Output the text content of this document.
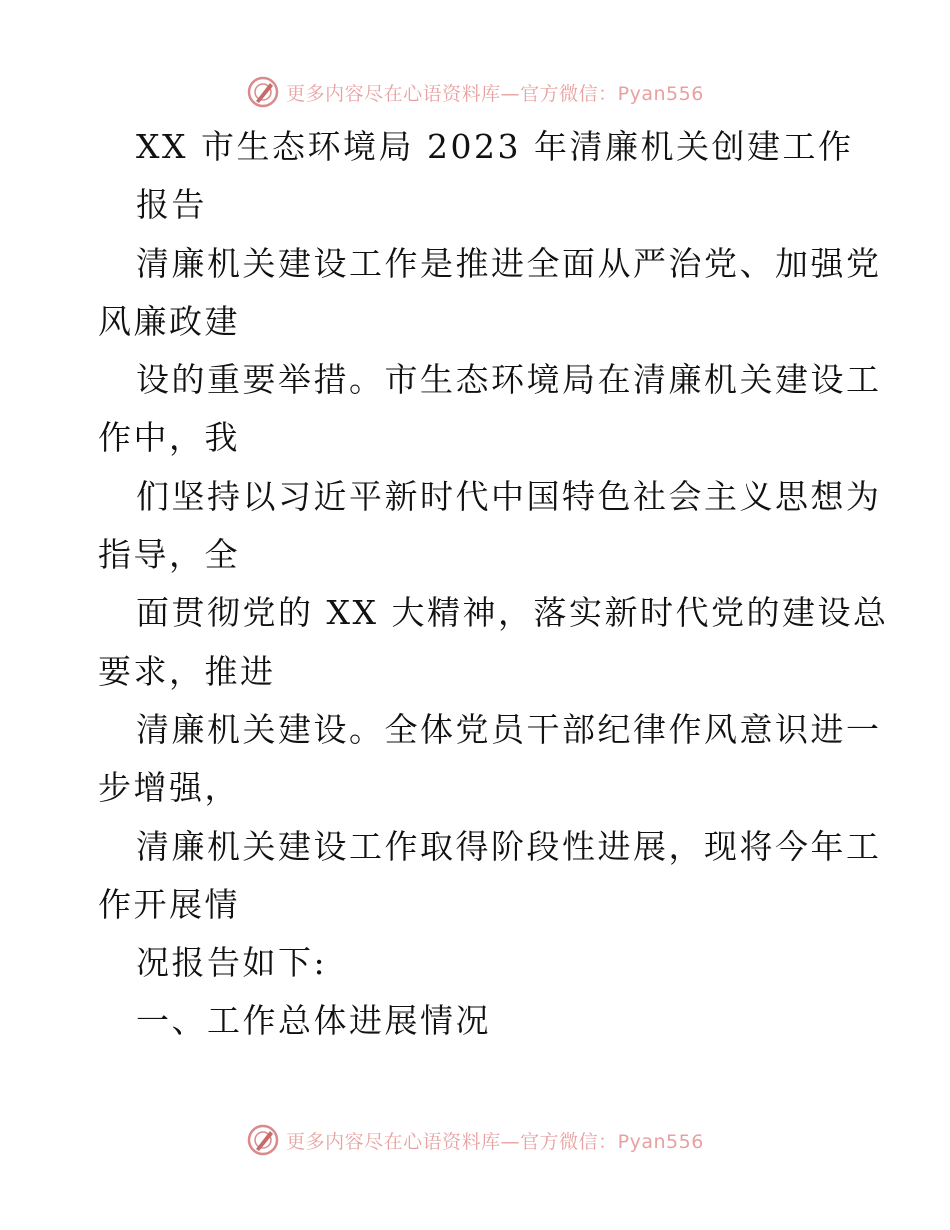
更多内容尽在心语资料库—官方微信：Pyan556
XX 市生态环境局 2023 年清廉机关创建工作
报告
清廉机关建设工作是推进全面从严治党、加强党
风廉政建
设的重要举措。市生态环境局在清廉机关建设工
作中，我
们坚持以习近平新时代中国特色社会主义思想为
指导，全
面贯彻党的 XX 大精神，落实新时代党的建设总
要求，推进
清廉机关建设。全体党员干部纪律作风意识进一
步增强，
清廉机关建设工作取得阶段性进展，现将今年工
作开展情
况报告如下:
一、工作总体进展情况
更多内容尽在心语资料库—官方微信：Pyan556
